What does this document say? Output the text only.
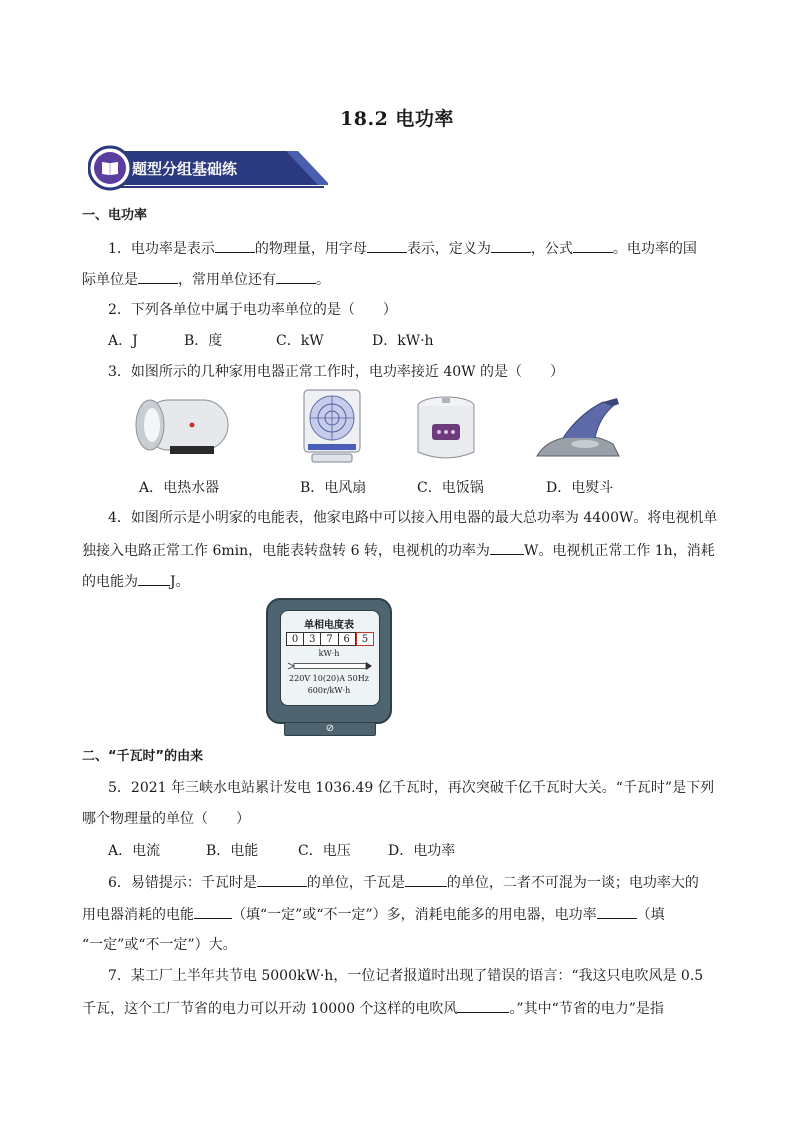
18.2 电功率
题型分组基础练
一、电功率
1．电功率是表示	的物理量，用字母	表示，定义为	，公式	。电功率的国
际单位是	，常用单位还有	。
2．下列各单位中属于电功率单位的是（　　）
A．J	B．度	C．kW	D．kW·h
3．如图所示的几种家用电器正常工作时，电功率接近 40W 的是（　　）
A．电热水器	B．电风扇	C．电饭锅	D．电熨斗
4．如图所示是小明家的电能表，他家电路中可以接入用电器的最大总功率为 4400W。将电视机单
独接入电路正常工作 6min，电能表转盘转 6 转，电视机的功率为 W。电视机正常工作 1h，消耗
的电能为 J。
单相电度表
0	3	7	6	5
kW·h
220V 10(20)A 50Hz
600r/kW·h
⊘
二、“千瓦时”的由来
5．2021 年三峡水电站累计发电 1036.49 亿千瓦时，再次突破千亿千瓦时大关。“千瓦时”是下列
哪个物理量的单位（　　）
A．电流	B．电能	C．电压	D．电功率
6．易错提示：千瓦时是	的单位，千瓦是	的单位，二者不可混为一谈；电功率大的
用电器消耗的电能	（填“一定”或“不一定”）多，消耗电能多的用电器，电功率	（填
“一定”或“不一定”）大。
7．某工厂上半年共节电 5000kW·h，一位记者报道时出现了错误的语言：“我这只电吹风是 0.5
千瓦，这个工厂节省的电力可以开动 10000 个这样的电吹风	。”其中“节省的电力”是指
